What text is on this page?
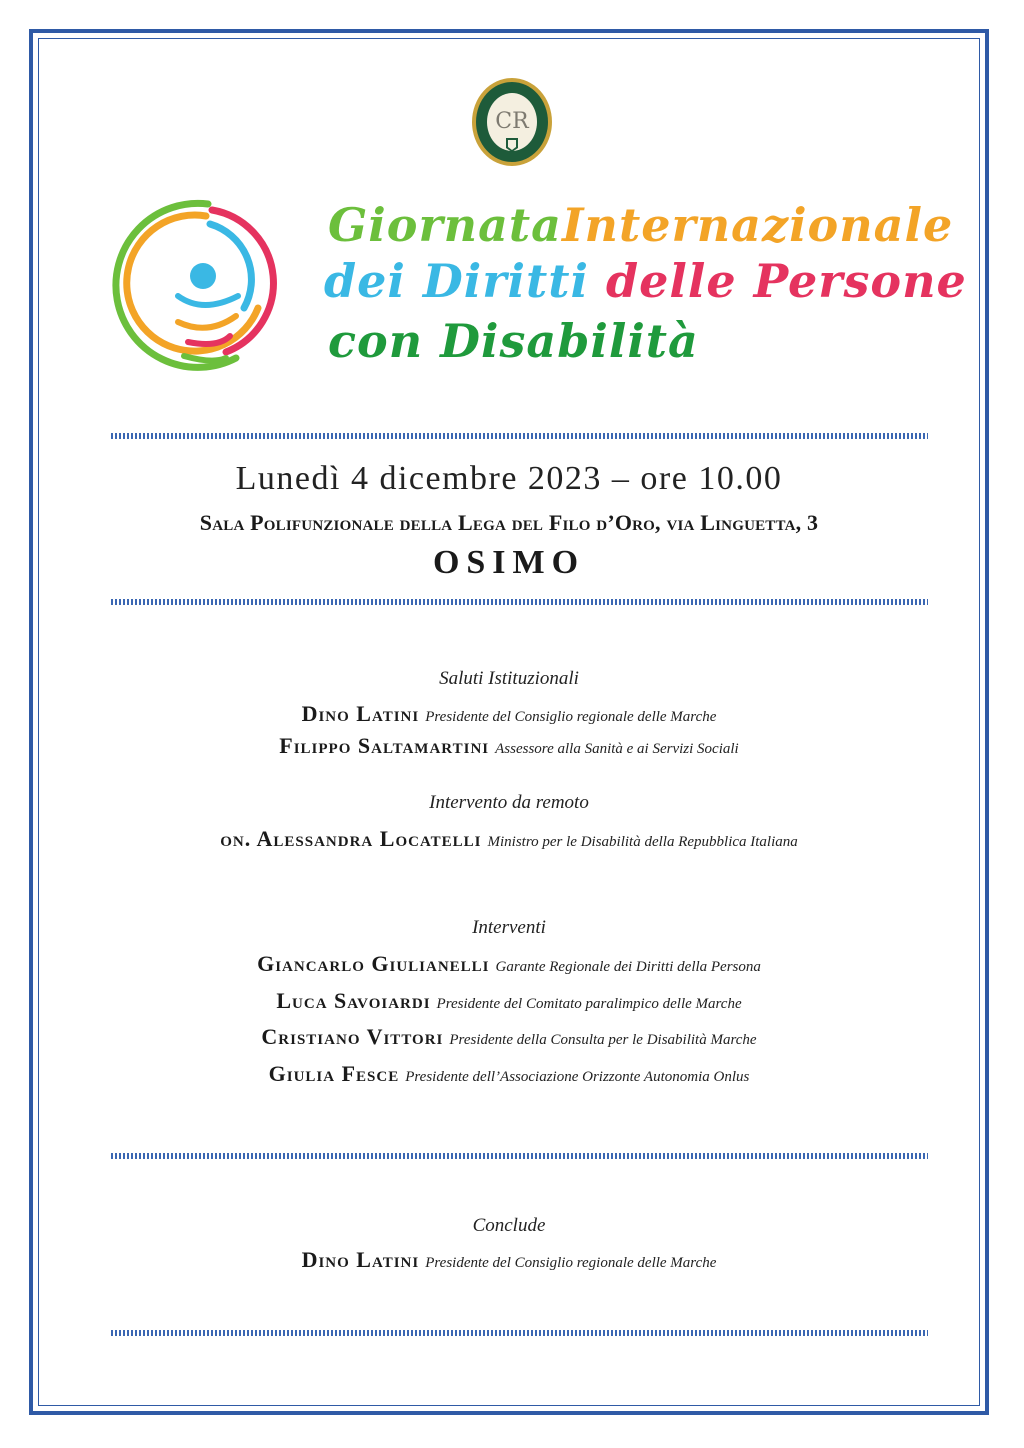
CR
GiornataInternazionale
dei Diritti delle Persone
con Disabilità
Lunedì 4 dicembre 2023 – ore 10.00
Sala Polifunzionale della Lega del Filo d’Oro, via Linguetta, 3
OSIMO
Saluti Istituzionali
Dino Latini Presidente del Consiglio regionale delle Marche
Filippo Saltamartini Assessore alla Sanità e ai Servizi Sociali
Intervento da remoto
on. Alessandra Locatelli Ministro per le Disabilità della Repubblica Italiana
Interventi
Giancarlo Giulianelli Garante Regionale dei Diritti della Persona
Luca Savoiardi Presidente del Comitato paralimpico delle Marche
Cristiano Vittori Presidente della Consulta per le Disabilità Marche
Giulia Fesce Presidente dell’Associazione Orizzonte Autonomia Onlus
Conclude
Dino Latini Presidente del Consiglio regionale delle Marche
